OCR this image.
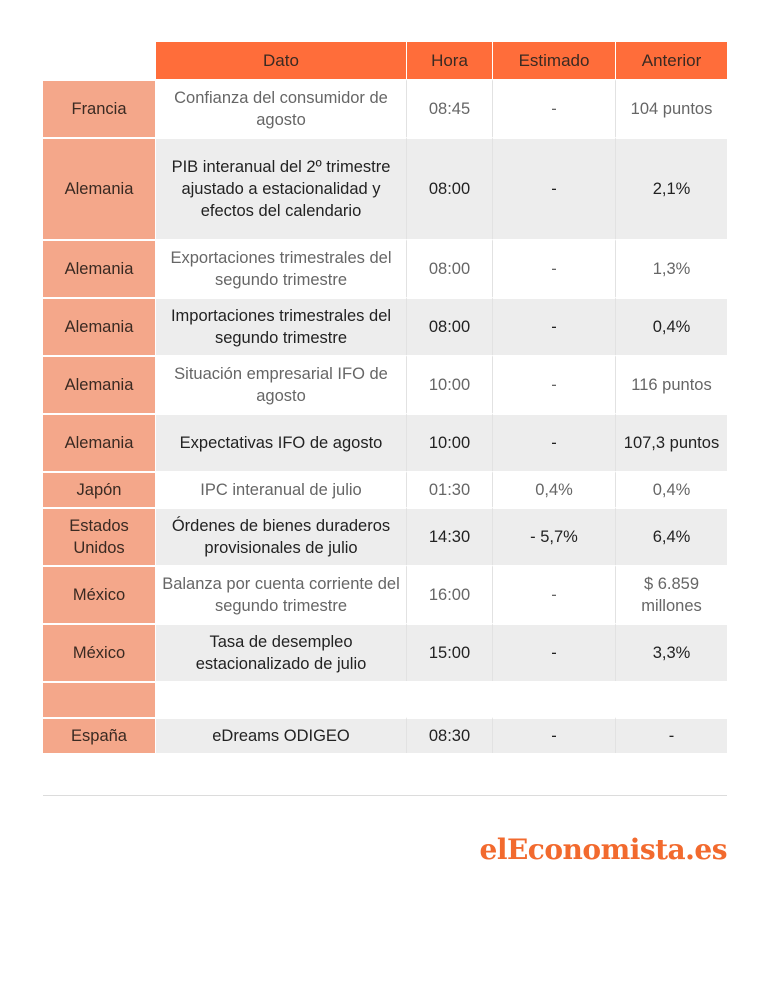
	Dato	Hora	Estimado	Anterior
Francia	Confianza del consumidor de agosto	08:45	-	104 puntos
Alemania	PIB interanual del 2º trimestre ajustado a estacionalidad y efectos del calendario	08:00	-	2,1%
Alemania	Exportaciones trimestrales del segundo trimestre	08:00	-	1,3%
Alemania	Importaciones trimestrales del segundo trimestre	08:00	-	0,4%
Alemania	Situación empresarial IFO de agosto	10:00	-	116 puntos
Alemania	Expectativas IFO de agosto	10:00	-	107,3 puntos
Japón	IPC interanual de julio	01:30	0,4%	0,4%
Estados Unidos	Órdenes de bienes duraderos provisionales de julio	14:30	- 5,7%	6,4%
México	Balanza por cuenta corriente del segundo trimestre	16:00	-	$ 6.859 millones
México	Tasa de desempleo estacionalizado de julio	15:00	-	3,3%

España	eDreams ODIGEO	08:30	-	-
elEconomista.es
